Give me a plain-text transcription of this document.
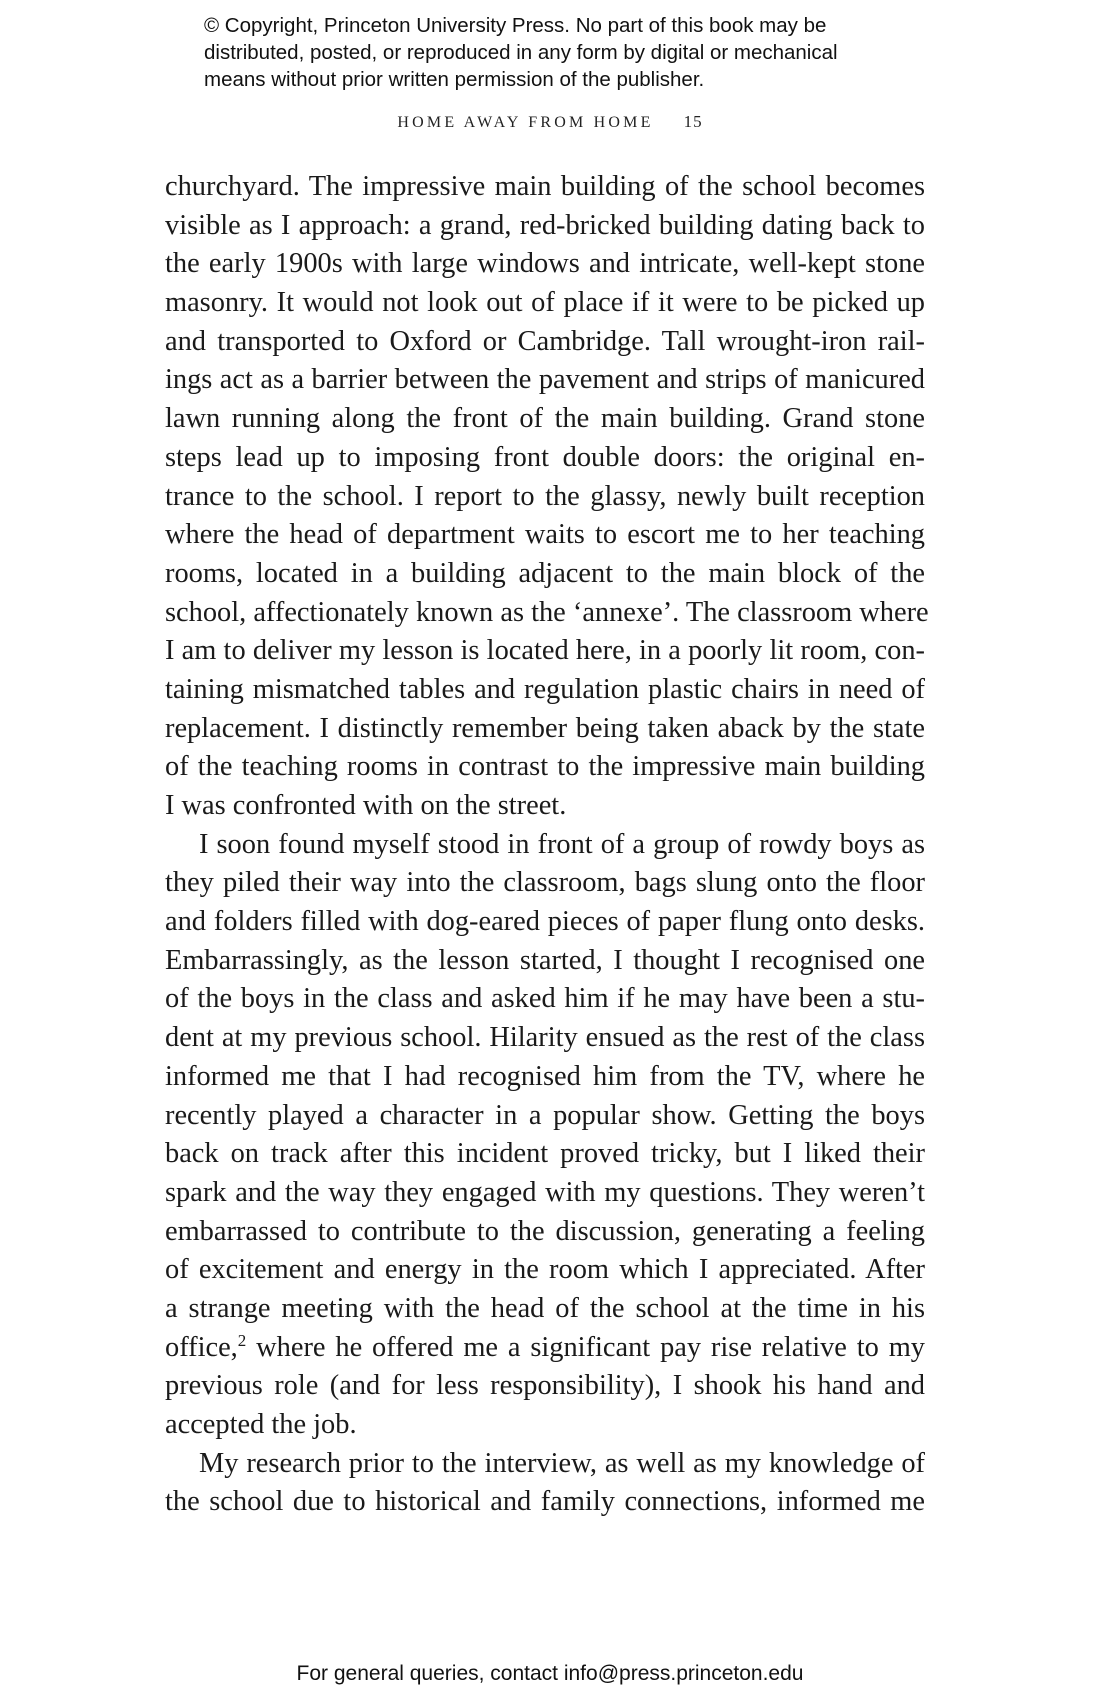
© Copyright, Princeton University Press. No part of this book may be
distributed, posted, or reproduced in any form by digital or mechanical
means without prior written permission of the publisher.
HOME AWAY FROM HOME 15
churchyard. The impressive main building of the school becomes
visible as I approach: a grand, red-bricked building dating back to
the early 1900s with large windows and intricate, well-kept stone
masonry. It would not look out of place if it were to be picked up
and transported to Oxford or Cambridge. Tall wrought-iron rail-
ings act as a barrier between the pavement and strips of manicured
lawn running along the front of the main building. Grand stone
steps lead up to imposing front double doors: the original en-
trance to the school. I report to the glassy, newly built reception
where the head of department waits to escort me to her teaching
rooms, located in a building adjacent to the main block of the
school, affectionately known as the ‘annexe’. The classroom where
I am to deliver my lesson is located here, in a poorly lit room, con-
taining mismatched tables and regulation plastic chairs in need of
replacement. I distinctly remember being taken aback by the state
of the teaching rooms in contrast to the impressive main building
I was confronted with on the street.
I soon found myself stood in front of a group of rowdy boys as
they piled their way into the classroom, bags slung onto the floor
and folders filled with dog-eared pieces of paper flung onto desks.
Embarrassingly, as the lesson started, I thought I recognised one
of the boys in the class and asked him if he may have been a stu-
dent at my previous school. Hilarity ensued as the rest of the class
informed me that I had recognised him from the TV, where he
recently played a character in a popular show. Getting the boys
back on track after this incident proved tricky, but I liked their
spark and the way they engaged with my questions. They weren’t
embarrassed to contribute to the discussion, generating a feeling
of excitement and energy in the room which I appreciated. After
a strange meeting with the head of the school at the time in his
office,$^2$ where he offered me a significant pay rise relative to my
previous role (and for less responsibility), I shook his hand and
accepted the job.
My research prior to the interview, as well as my knowledge of
the school due to historical and family connections, informed me
For general queries, contact info@press.princeton.edu
